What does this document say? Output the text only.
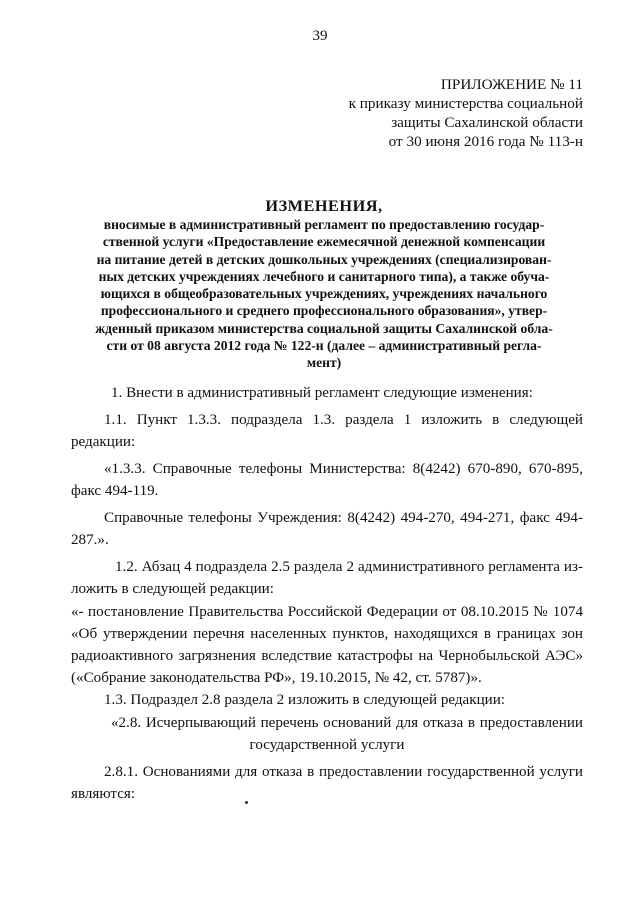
39
ПРИЛОЖЕНИЕ № 11
к приказу министерства социальной
защиты Сахалинской области
от 30 июня 2016 года № 113-н
ИЗМЕНЕНИЯ,
вносимые в административный регламент по предоставлению государ-
ственной услуги «Предоставление ежемесячной денежной компенсации
на питание детей в детских дошкольных учреждениях (специализирован-
ных детских учреждениях лечебного и санитарного типа), а также обуча-
ющихся в общеобразовательных учреждениях, учреждениях начального
профессионального и среднего профессионального образования», утвер-
жденный приказом министерства социальной защиты Сахалинской обла-
сти от 08 августа 2012 года № 122-н (далее – административный регла-
мент)
1. Внести в административный регламент следующие изменения:
1.1. Пункт 1.3.3. подраздела 1.3. раздела 1 изложить в следующей
редакции:
«1.3.3. Справочные телефоны Министерства: 8(4242) 670-890, 670-895,
факс 494-119.
Справочные телефоны Учреждения: 8(4242) 494-270, 494-271, факс 494-
287.».
1.2. Абзац 4 подраздела 2.5 раздела 2 административного регламента из-
ложить в следующей редакции:
«- постановление Правительства Российской Федерации от 08.10.2015 № 1074
«Об утверждении перечня населенных пунктов, находящихся в границах зон
радиоактивного загрязнения вследствие катастрофы на Чернобыльской АЭС»
(«Собрание законодательства РФ», 19.10.2015, № 42, ст. 5787)».
1.3. Подраздел 2.8 раздела 2 изложить в следующей редакции:
«2.8. Исчерпывающий перечень оснований для отказа в предоставлении
государственной услуги
2.8.1. Основаниями для отказа в предоставлении государственной услуги
являются:
